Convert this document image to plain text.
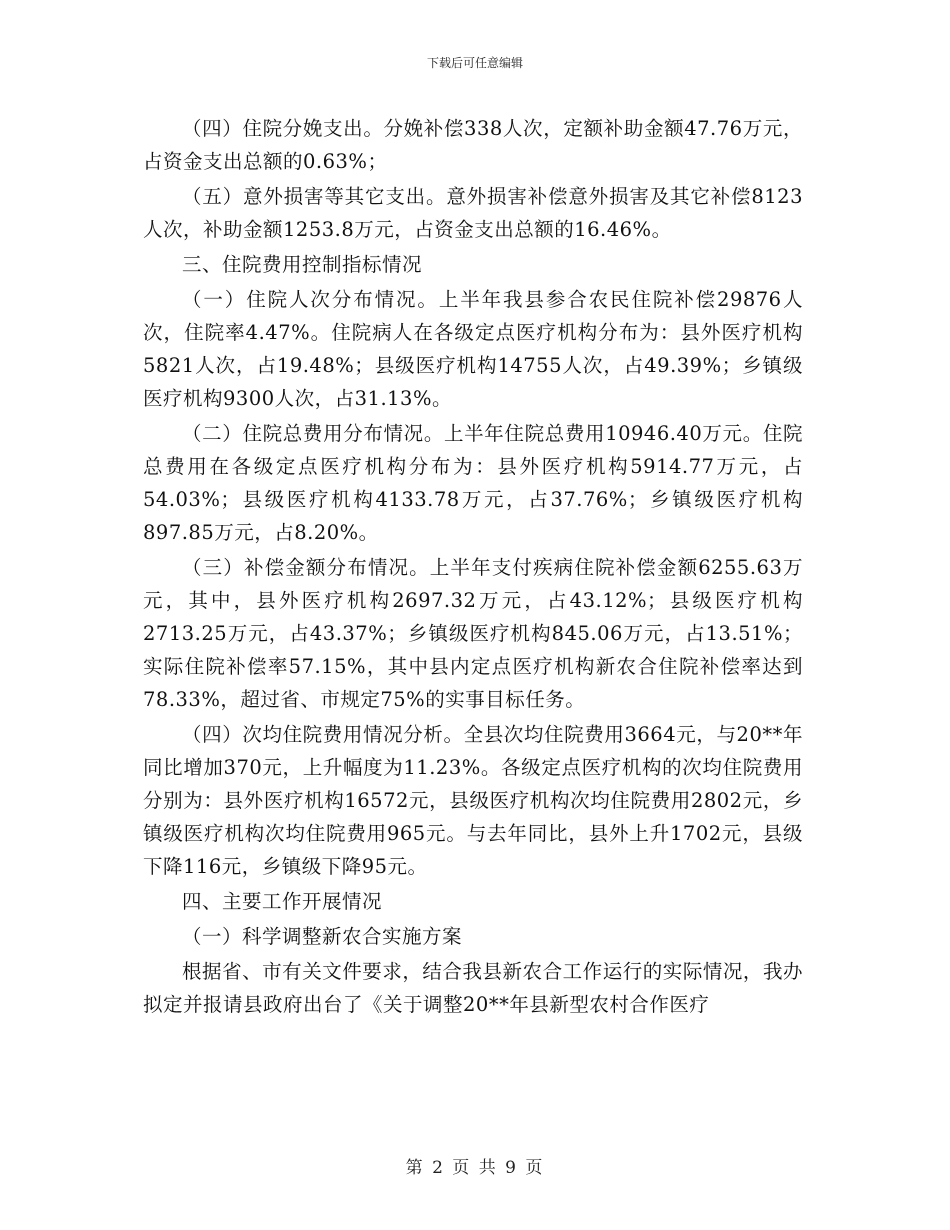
下载后可任意编辑

（四）住院分娩支出。分娩补偿338人次，定额补助金额47.76万元，占资金支出总额的0.63%；

（五）意外损害等其它支出。意外损害补偿意外损害及其它补偿8123人次，补助金额1253.8万元，占资金支出总额的16.46%。

三、住院费用控制指标情况

（一）住院人次分布情况。上半年我县参合农民住院补偿29876人次，住院率4.47%。住院病人在各级定点医疗机构分布为：县外医疗机构5821人次，占19.48%；县级医疗机构14755人次，占49.39%；乡镇级医疗机构9300人次，占31.13%。

（二）住院总费用分布情况。上半年住院总费用10946.40万元。住院总费用在各级定点医疗机构分布为：县外医疗机构5914.77万元，占54.03%；县级医疗机构4133.78万元，占37.76%；乡镇级医疗机构897.85万元，占8.20%。

（三）补偿金额分布情况。上半年支付疾病住院补偿金额6255.63万元，其中，县外医疗机构2697.32万元，占43.12%；县级医疗机构2713.25万元，占43.37%；乡镇级医疗机构845.06万元，占13.51%；实际住院补偿率57.15%，其中县内定点医疗机构新农合住院补偿率达到78.33%，超过省、市规定75%的实事目标任务。

（四）次均住院费用情况分析。全县次均住院费用3664元，与20**年同比增加370元，上升幅度为11.23%。各级定点医疗机构的次均住院费用分别为：县外医疗机构16572元，县级医疗机构次均住院费用2802元，乡镇级医疗机构次均住院费用965元。与去年同比，县外上升1702元，县级下降116元，乡镇级下降95元。

四、主要工作开展情况

（一）科学调整新农合实施方案

根据省、市有关文件要求，结合我县新农合工作运行的实际情况，我办拟定并报请县政府出台了《关于调整20**年县新型农村合作医疗

第 2 页 共 9 页
